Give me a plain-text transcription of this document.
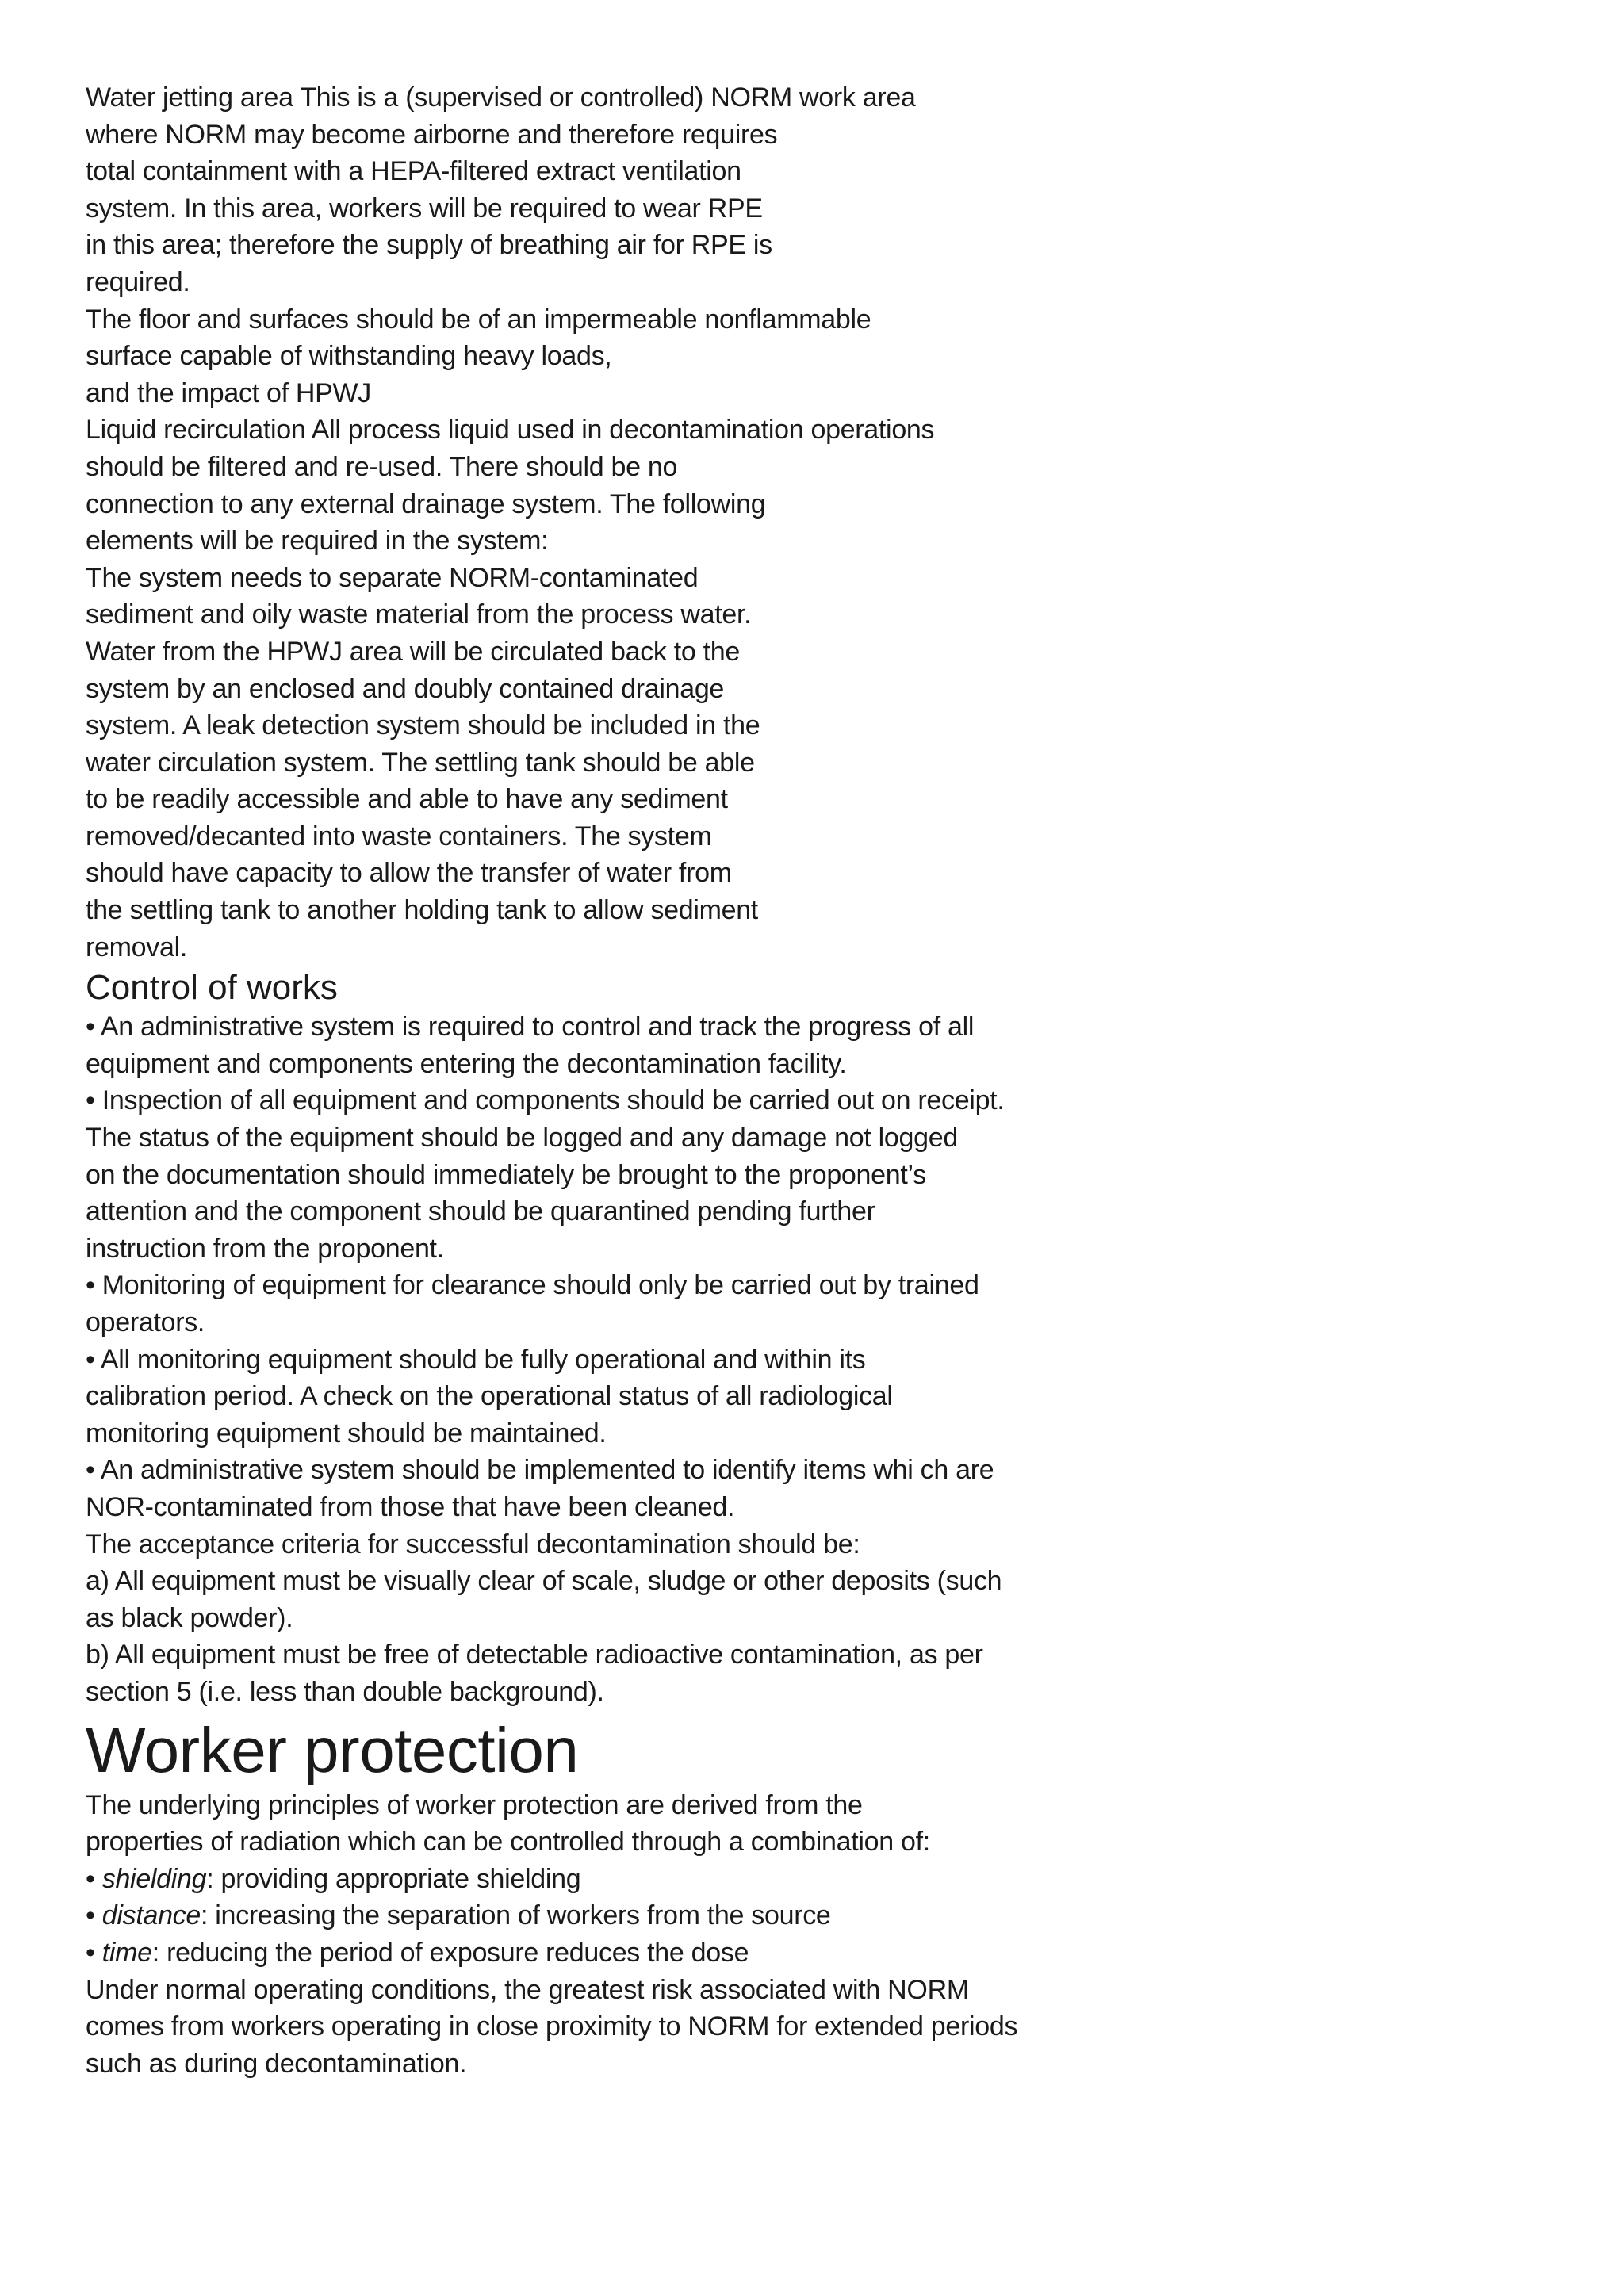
Water jetting area This is a (supervised or controlled) NORM work area
where NORM may become airborne and therefore requires
total containment with a HEPA-filtered extract ventilation
system. In this area, workers will be required to wear RPE
in this area; therefore the supply of breathing air for RPE is
required.
The floor and surfaces should be of an impermeable nonflammable
surface capable of withstanding heavy loads,
and the impact of HPWJ
Liquid recirculation All process liquid used in decontamination operations
should be filtered and re-used. There should be no
connection to any external drainage system. The following
elements will be required in the system:
The system needs to separate NORM-contaminated
sediment and oily waste material from the process water.
Water from the HPWJ area will be circulated back to the
system by an enclosed and doubly contained drainage
system. A leak detection system should be included in the
water circulation system. The settling tank should be able
to be readily accessible and able to have any sediment
removed/decanted into waste containers. The system
should have capacity to allow the transfer of water from
the settling tank to another holding tank to allow sediment
removal.
Control of works
• An administrative system is required to control and track the progress of all
equipment and components entering the decontamination facility.
• Inspection of all equipment and components should be carried out on receipt.
The status of the equipment should be logged and any damage not logged
on the documentation should immediately be brought to the proponent’s
attention and the component should be quarantined pending further
instruction from the proponent.
• Monitoring of equipment for clearance should only be carried out by trained
operators.
• All monitoring equipment should be fully operational and within its
calibration period. A check on the operational status of all radiological
monitoring equipment should be maintained.
• An administrative system should be implemented to identify items whi ch are
NOR-contaminated from those that have been cleaned.
The acceptance criteria for successful decontamination should be:
a) All equipment must be visually clear of scale, sludge or other deposits (such
as black powder).
b) All equipment must be free of detectable radioactive contamination, as per
section 5 (i.e. less than double background).
Worker protection
The underlying principles of worker protection are derived from the
properties of radiation which can be controlled through a combination of:
• shielding: providing appropriate shielding
• distance: increasing the separation of workers from the source
• time: reducing the period of exposure reduces the dose
Under normal operating conditions, the greatest risk associated with NORM
comes from workers operating in close proximity to NORM for extended periods
such as during decontamination.
